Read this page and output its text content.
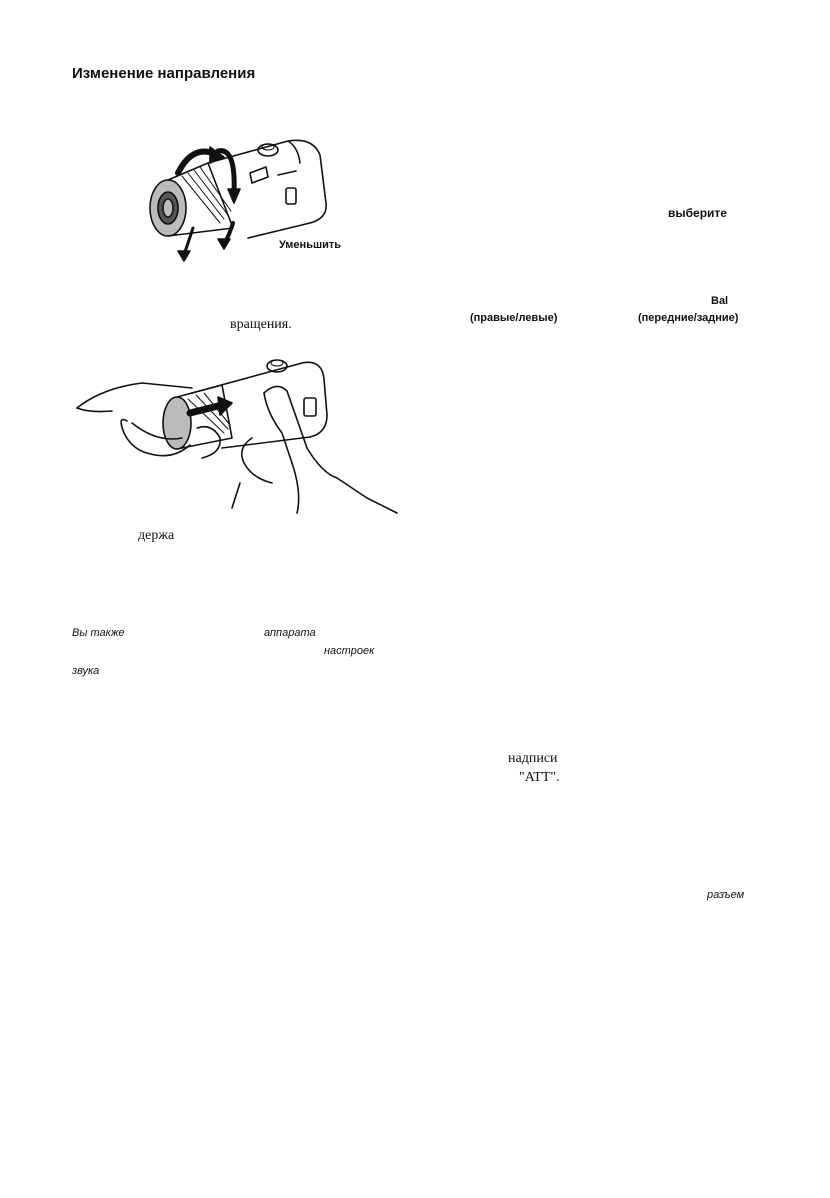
Изменение направления
Уменьшить
вращения.
держа
Вы также	аппарата
настроек
звука
выберите
Bal
(правые/левые)	(передние/задние)
надписи
"ATT".
разъем
